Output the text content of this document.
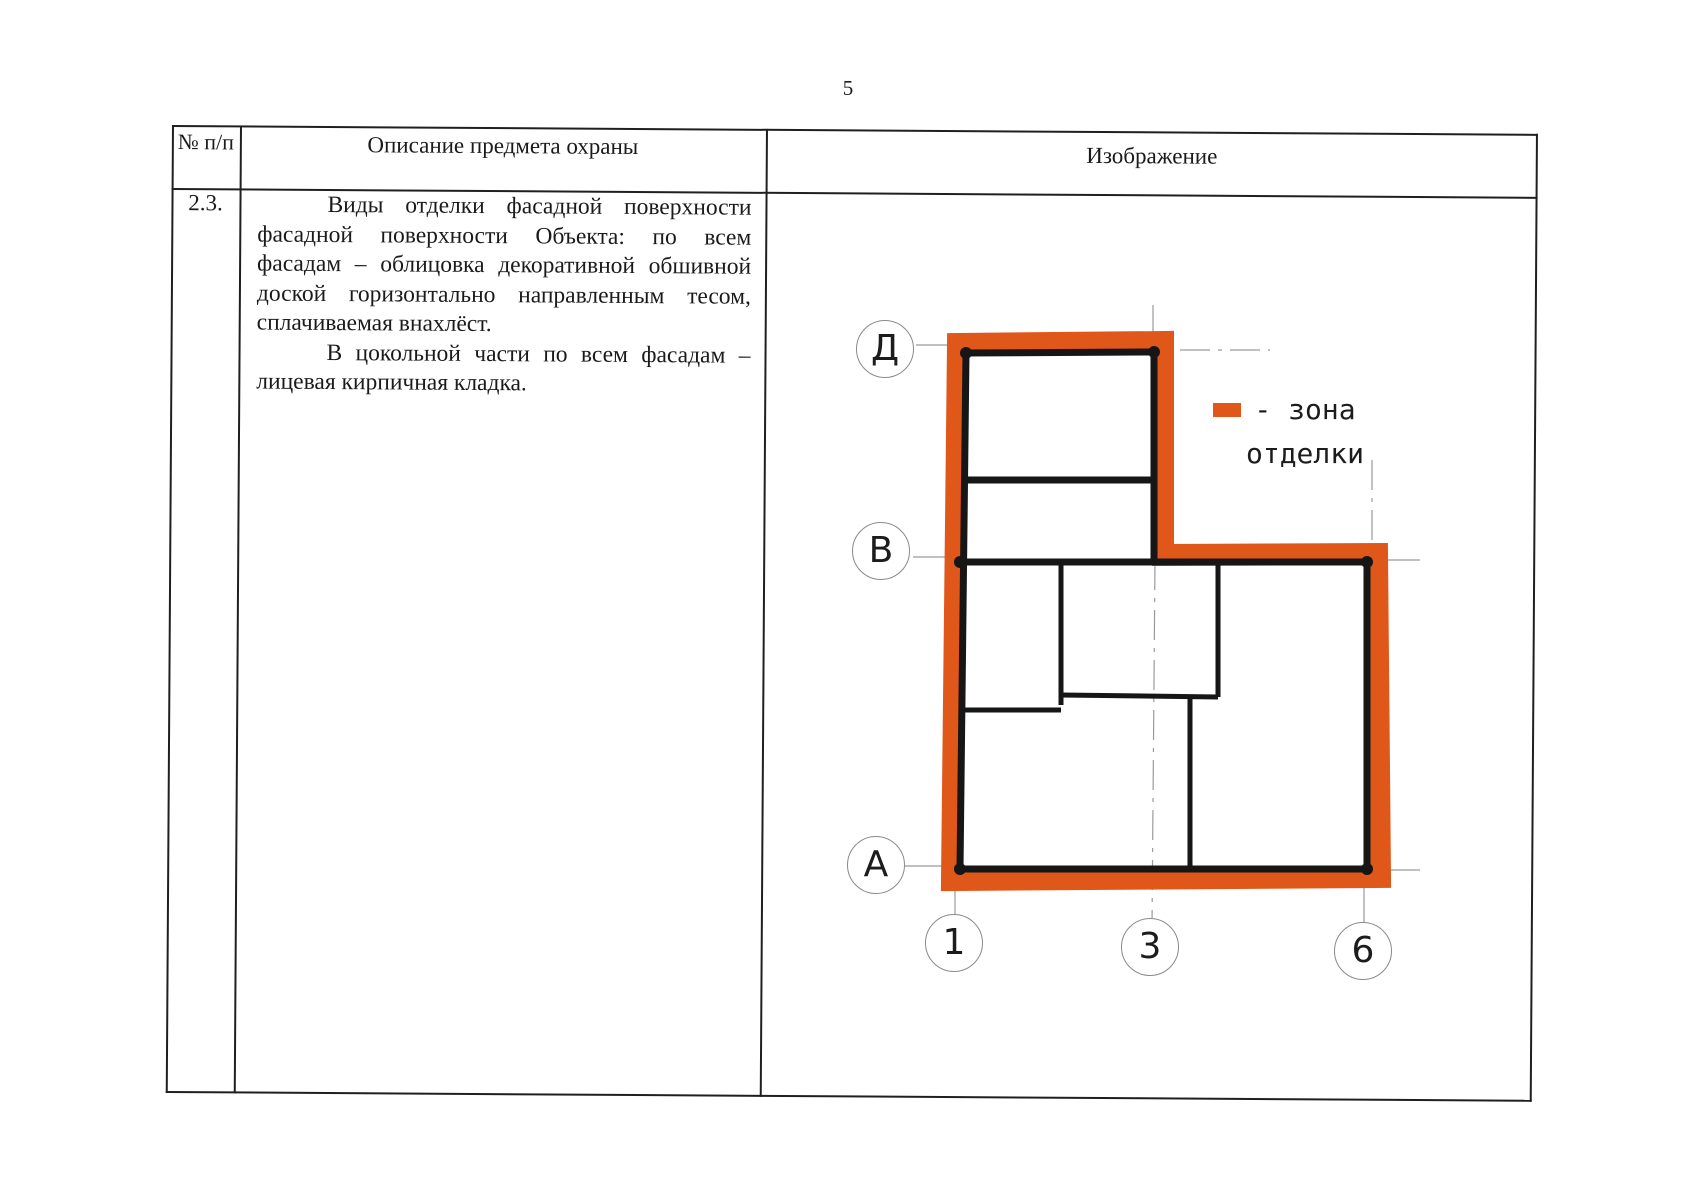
5
№ п/п	Описание предмета охраны	Изображение
2.3.	Виды отделки фасадной поверхности фасадной поверхности Объекта: по всем фасадам – облицовка декоративной обшивной доской горизонтально направленным тесом, сплачиваемая внахлёст.

В цокольной части по всем фасадам – лицевая кирпичная кладка.

Д
В
А
1	3	6
- зона отделки
